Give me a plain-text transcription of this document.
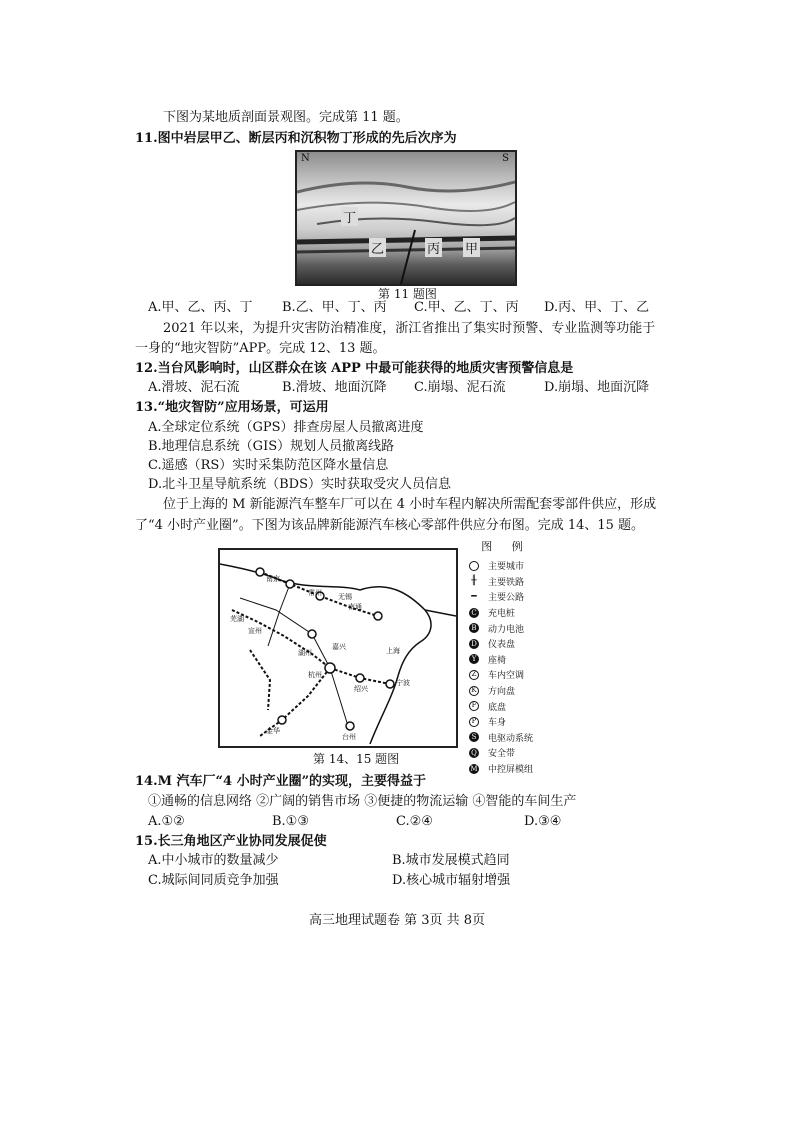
下图为某地质剖面景观图。完成第 11 题。
11.图中岩层甲乙、断层丙和沉积物丁形成的先后次序为
N	S
丁
乙	丙 甲
第 11 题图
A.甲、乙、丙、丁 B.乙、甲、丁、丙 C.甲、乙、丁、丙 D.丙、甲、丁、乙
2021 年以来，为提升灾害防治精准度，浙江省推出了集实时预警、专业监测等功能于
一身的“地灾智防”APP。完成 12、13 题。
12.当台风影响时，山区群众在该 APP 中最可能获得的地质灾害预警信息是
A.滑坡、泥石流	B.滑坡、地面沉降 C.崩塌、泥石流	D.崩塌、地面沉降
13.“地灾智防”应用场景，可运用
A.全球定位系统（GPS）排查房屋人员撤离进度
B.地理信息系统（GIS）规划人员撤离线路
C.遥感（RS）实时采集防范区降水量信息
D.北斗卫星导航系统（BDS）实时获取受灾人员信息
位于上海的 M 新能源汽车整车厂可以在 4 小时车程内解决所需配套零部件供应，形成
了“4 小时产业圈”。下图为该品牌新能源汽车核心零部件供应分布图。完成 14、15 题。
南京
常州 无锡
南通
芜湖
宣州
湖州
嘉兴	上海
杭州
绍兴
宁波
金华
台州
第 14、15 题图
图 例
主要城市
╫	主要铁路
━	主要公路
C 充电桩
B 动力电池
D 仪表盘
Y 座椅
Z 车内空调
K 方向盘
F 底盘
P 车身
S 电驱动系统
Q 安全带
M 中控屏模组
14.M 汽车厂“4 小时产业圈”的实现，主要得益于
①通畅的信息网络 ②广阔的销售市场 ③便捷的物流运输 ④智能的车间生产
A.①②	B.①③	C.②④	D.③④
15.长三角地区产业协同发展促使
A.中小城市的数量减少	B.城市发展模式趋同
C.城际间同质竞争加强	D.核心城市辐射增强
高三地理试题卷 第 3页 共 8页
